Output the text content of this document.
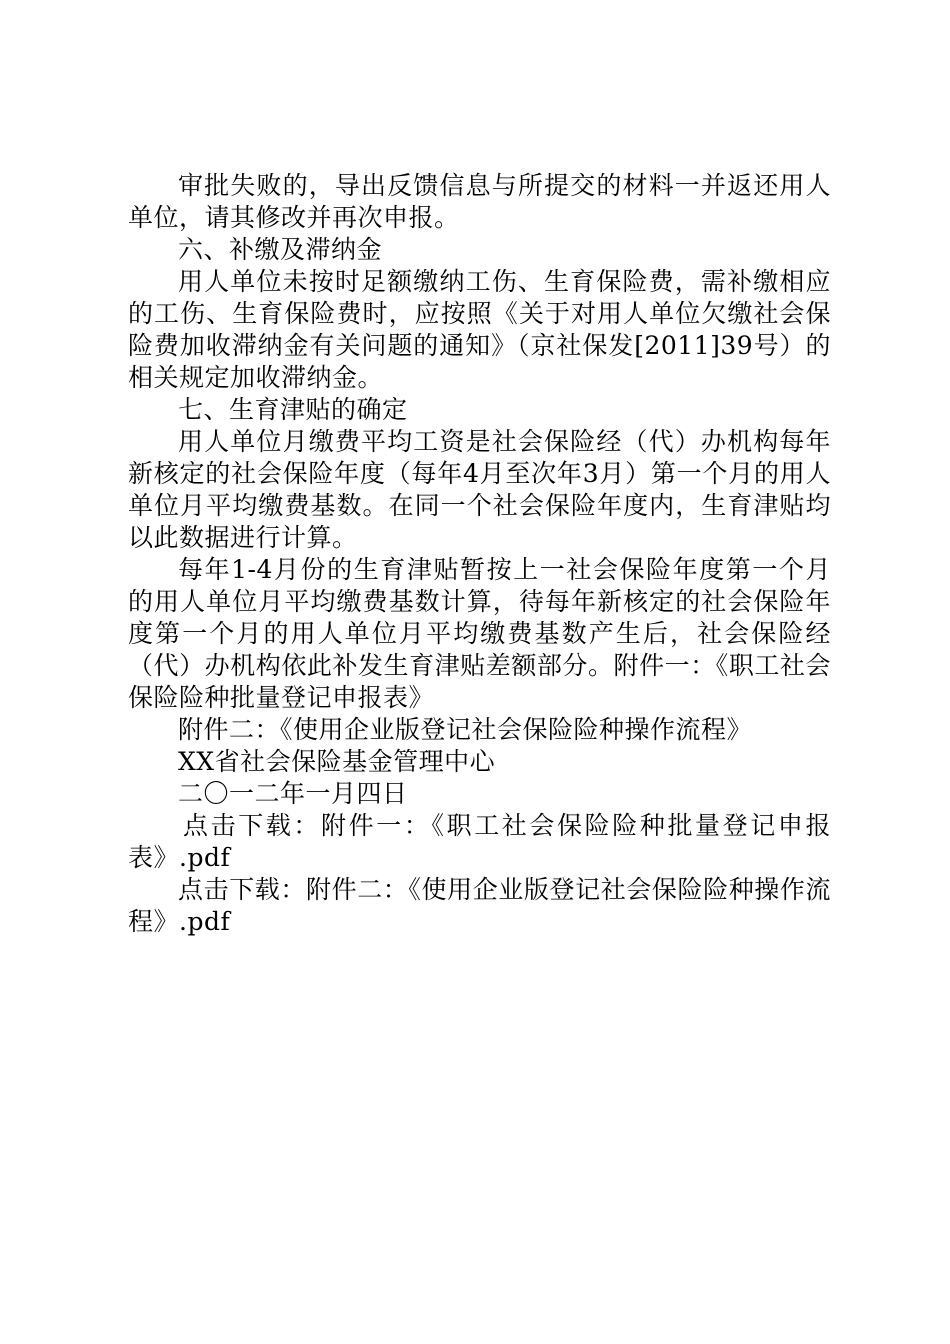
审批失败的，导出反馈信息与所提交的材料一并返还用人单位，请其修改并再次申报。

六、补缴及滞纳金

用人单位未按时足额缴纳工伤、生育保险费，需补缴相应的工伤、生育保险费时，应按照《关于对用人单位欠缴社会保险费加收滞纳金有关问题的通知》（京社保发[2011]39号）的相关规定加收滞纳金。

七、生育津贴的确定

用人单位月缴费平均工资是社会保险经（代）办机构每年新核定的社会保险年度（每年4月至次年3月）第一个月的用人单位月平均缴费基数。在同一个社会保险年度内，生育津贴均以此数据进行计算。

每年1-4月份的生育津贴暂按上一社会保险年度第一个月的用人单位月平均缴费基数计算，待每年新核定的社会保险年度第一个月的用人单位月平均缴费基数产生后，社会保险经（代）办机构依此补发生育津贴差额部分。附件一：《职工社会保险险种批量登记申报表》

附件二：《使用企业版登记社会保险险种操作流程》

XX省社会保险基金管理中心

二〇一二年一月四日

点击下载：附件一：《职工社会保险险种批量登记申报表》.pdf

点击下载：附件二：《使用企业版登记社会保险险种操作流程》.pdf
